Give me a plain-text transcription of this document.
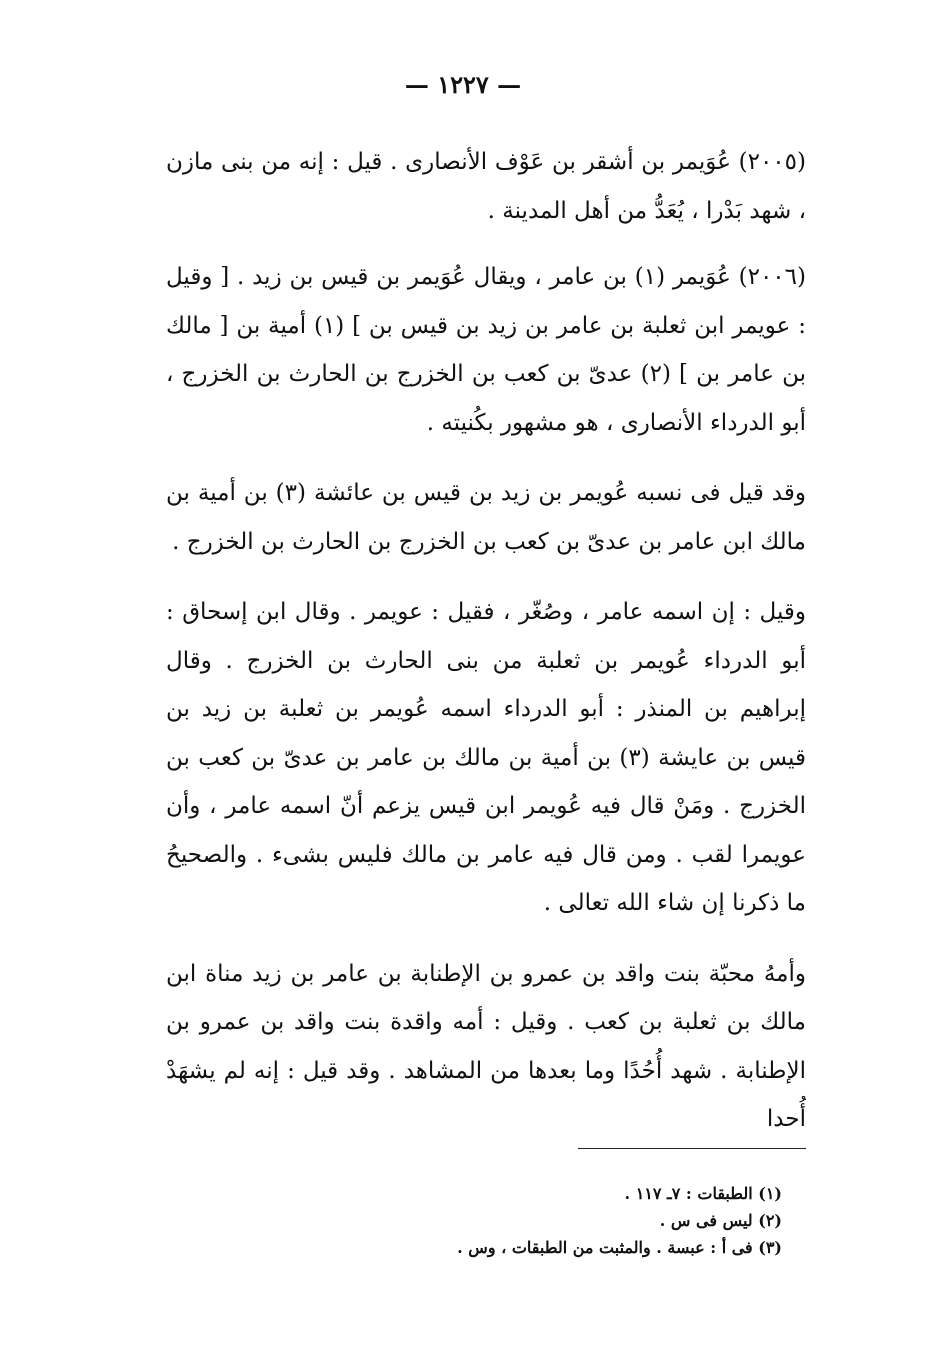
— ١٢٢٧ —

(٢٠٠٥) عُوَيمر بن أشقر بن عَوْف الأنصارى . قيل : إنه من بنى مازن ، شهد بَدْرا ، يُعَدُّ من أهل المدينة .

(٢٠٠٦) عُوَيمر (١) بن عامر ، ويقال عُوَيمر بن قيس بن زيد . [ وقيل : عويمر ابن ثعلبة بن عامر بن زيد بن قيس بن ] (١) أمية بن [ مالك بن عامر بن ] (٢) عدىّ بن كعب بن الخزرج بن الحارث بن الخزرج ، أبو الدرداء الأنصارى ، هو مشهور بكُنيته .

وقد قيل فى نسبه عُويمر بن زيد بن قيس بن عائشة (٣) بن أمية بن مالك ابن عامر بن عدىّ بن كعب بن الخزرج بن الحارث بن الخزرج .

وقيل : إن اسمه عامر ، وصُغّر ، فقيل : عويمر . وقال ابن إسحاق : أبو الدرداء عُويمر بن ثعلبة من بنى الحارث بن الخزرج . وقال إبراهيم بن المنذر : أبو الدرداء اسمه عُويمر بن ثعلبة بن زيد بن قيس بن عايشة (٣) بن أمية بن مالك بن عامر بن عدىّ بن كعب بن الخزرج . ومَنْ قال فيه عُويمر ابن قيس يزعم أنّ اسمه عامر ، وأن عويمرا لقب . ومن قال فيه عامر بن مالك فليس بشىء . والصحيحُ ما ذكرنا إن شاء الله تعالى .

وأمهُ محبّة بنت واقد بن عمرو بن الإطنابة بن عامر بن زيد مناة ابن مالك بن ثعلبة بن كعب . وقيل : أمه واقدة بنت واقد بن عمرو بن الإطنابة . شهد أُحُدًا وما بعدها من المشاهد . وقد قيل : إنه لم يشهَدْ أُحدا

(١) الطبقات : ٧ـ ١١٧ .

(٢) ليس فى س .

(٣) فى أ : عبسة . والمثبت من الطبقات ، وس .
